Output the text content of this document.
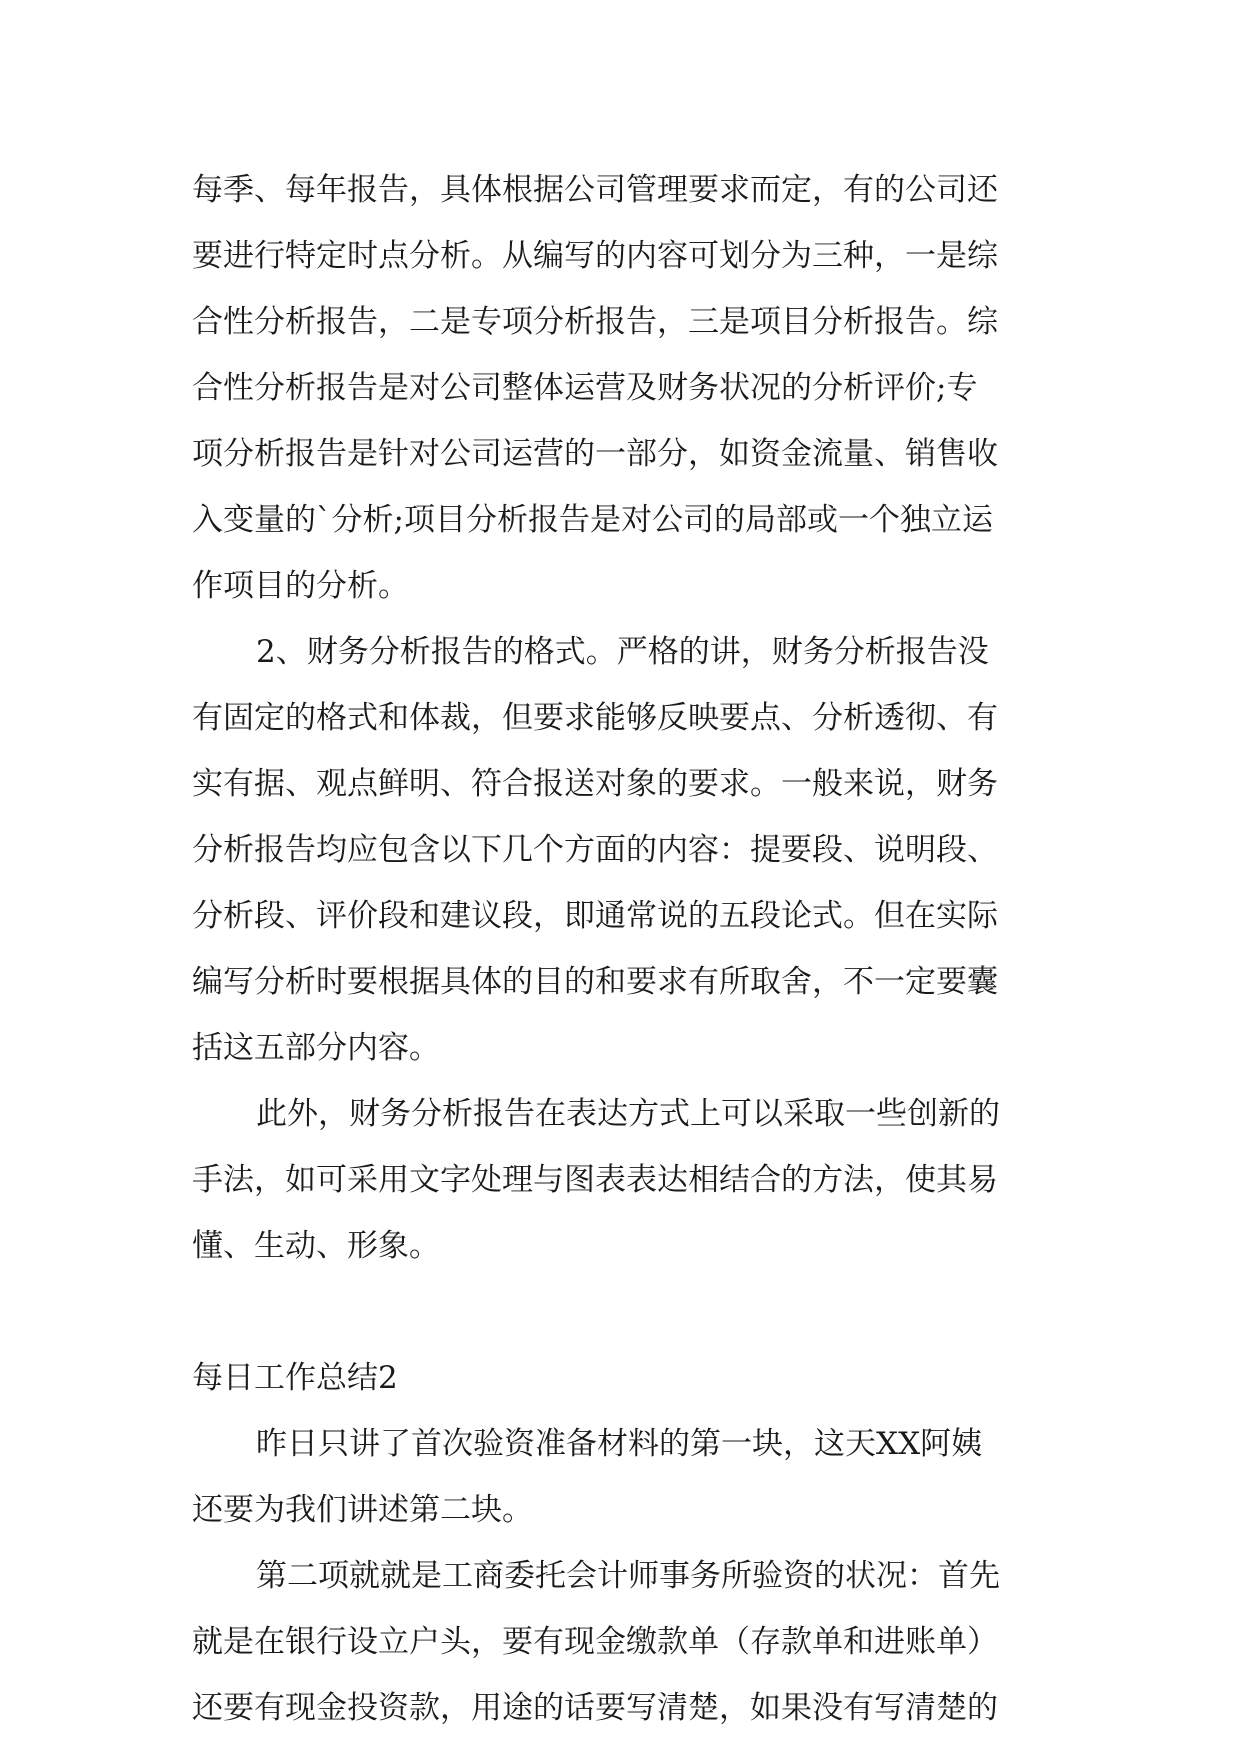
每季、每年报告，具体根据公司管理要求而定，有的公司还
要进行特定时点分析。从编写的内容可划分为三种，一是综
合性分析报告，二是专项分析报告，三是项目分析报告。综
合性分析报告是对公司整体运营及财务状况的分析评价;专
项分析报告是针对公司运营的一部分，如资金流量、销售收
入变量的`分析;项目分析报告是对公司的局部或一个独立运
作项目的分析。
2、财务分析报告的格式。严格的讲，财务分析报告没
有固定的格式和体裁，但要求能够反映要点、分析透彻、有
实有据、观点鲜明、符合报送对象的要求。一般来说，财务
分析报告均应包含以下几个方面的内容：提要段、说明段、
分析段、评价段和建议段，即通常说的五段论式。但在实际
编写分析时要根据具体的目的和要求有所取舍，不一定要囊
括这五部分内容。
此外，财务分析报告在表达方式上可以采取一些创新的
手法，如可采用文字处理与图表表达相结合的方法，使其易
懂、生动、形象。
每日工作总结2
昨日只讲了首次验资准备材料的第一块，这天XX阿姨
还要为我们讲述第二块。
第二项就就是工商委托会计师事务所验资的状况：首先
就是在银行设立户头，要有现金缴款单（存款单和进账单）
还要有现金投资款，用途的话要写清楚，如果没有写清楚的
